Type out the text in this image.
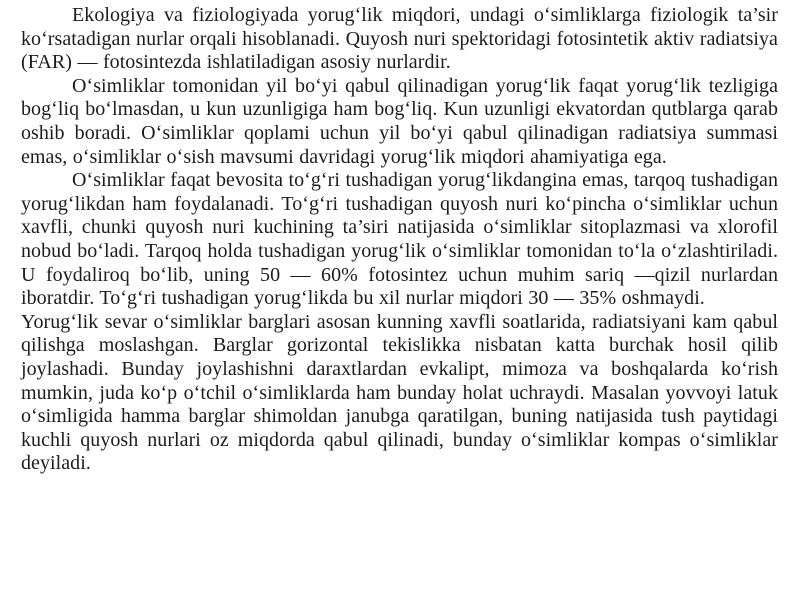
Ekologiya va fiziologiyada yorug‘lik miqdori, undagi o‘simliklarga fiziologik ta’sir ko‘rsatadigan nurlar orqali hisoblanadi. Quyosh nuri spektoridagi fotosintetik aktiv radiatsiya (FAR) — fotosintezda ishlatiladigan asosiy nurlardir.

O‘simliklar tomonidan yil bo‘yi qabul qilinadigan yorug‘lik faqat yorug‘lik tezligiga bog‘liq bo‘lmasdan, u kun uzunligiga ham bog‘liq. Kun uzunligi ekvatordan qutblarga qarab oshib boradi. O‘simliklar qoplami uchun yil bo‘yi qabul qilinadigan radiatsiya summasi emas, o‘simliklar o‘sish mavsumi davridagi yorug‘lik miqdori ahamiyatiga ega.

O‘simliklar faqat bevosita to‘g‘ri tushadigan yorug‘likdangina emas, tarqoq tushadigan yorug‘likdan ham foydalanadi. To‘g‘ri tushadigan quyosh nuri ko‘pincha o‘simliklar uchun xavfli, chunki quyosh nuri kuchining ta’siri natijasida o‘simliklar sitoplazmasi va xlorofil nobud bo‘ladi. Tarqoq holda tushadigan yorug‘lik o‘simliklar tomonidan to‘la o‘zlashtiriladi. U foydaliroq bo‘lib, uning 50 — 60% fotosintez uchun muhim sariq —qizil nurlardan iboratdir. To‘g‘ri tushadigan yorug‘likda bu xil nurlar miqdori 30 — 35% oshmaydi.

Yorug‘lik sevar o‘simliklar barglari asosan kunning xavfli soatlarida, radiatsiyani kam qabul qilishga moslashgan. Barglar gorizontal tekislikka nisbatan katta burchak hosil qilib joylashadi. Bunday joylashishni daraxtlardan evkalipt, mimoza va boshqalarda ko‘rish mumkin, juda ko‘p o‘tchil o‘simliklarda ham bunday holat uchraydi. Masalan yovvoyi latuk o‘simligida hamma barglar shimoldan janubga qaratilgan, buning natijasida tush paytidagi kuchli quyosh nurlari oz miqdorda qabul qilinadi, bunday o‘simliklar kompas o‘simliklar deyiladi.
